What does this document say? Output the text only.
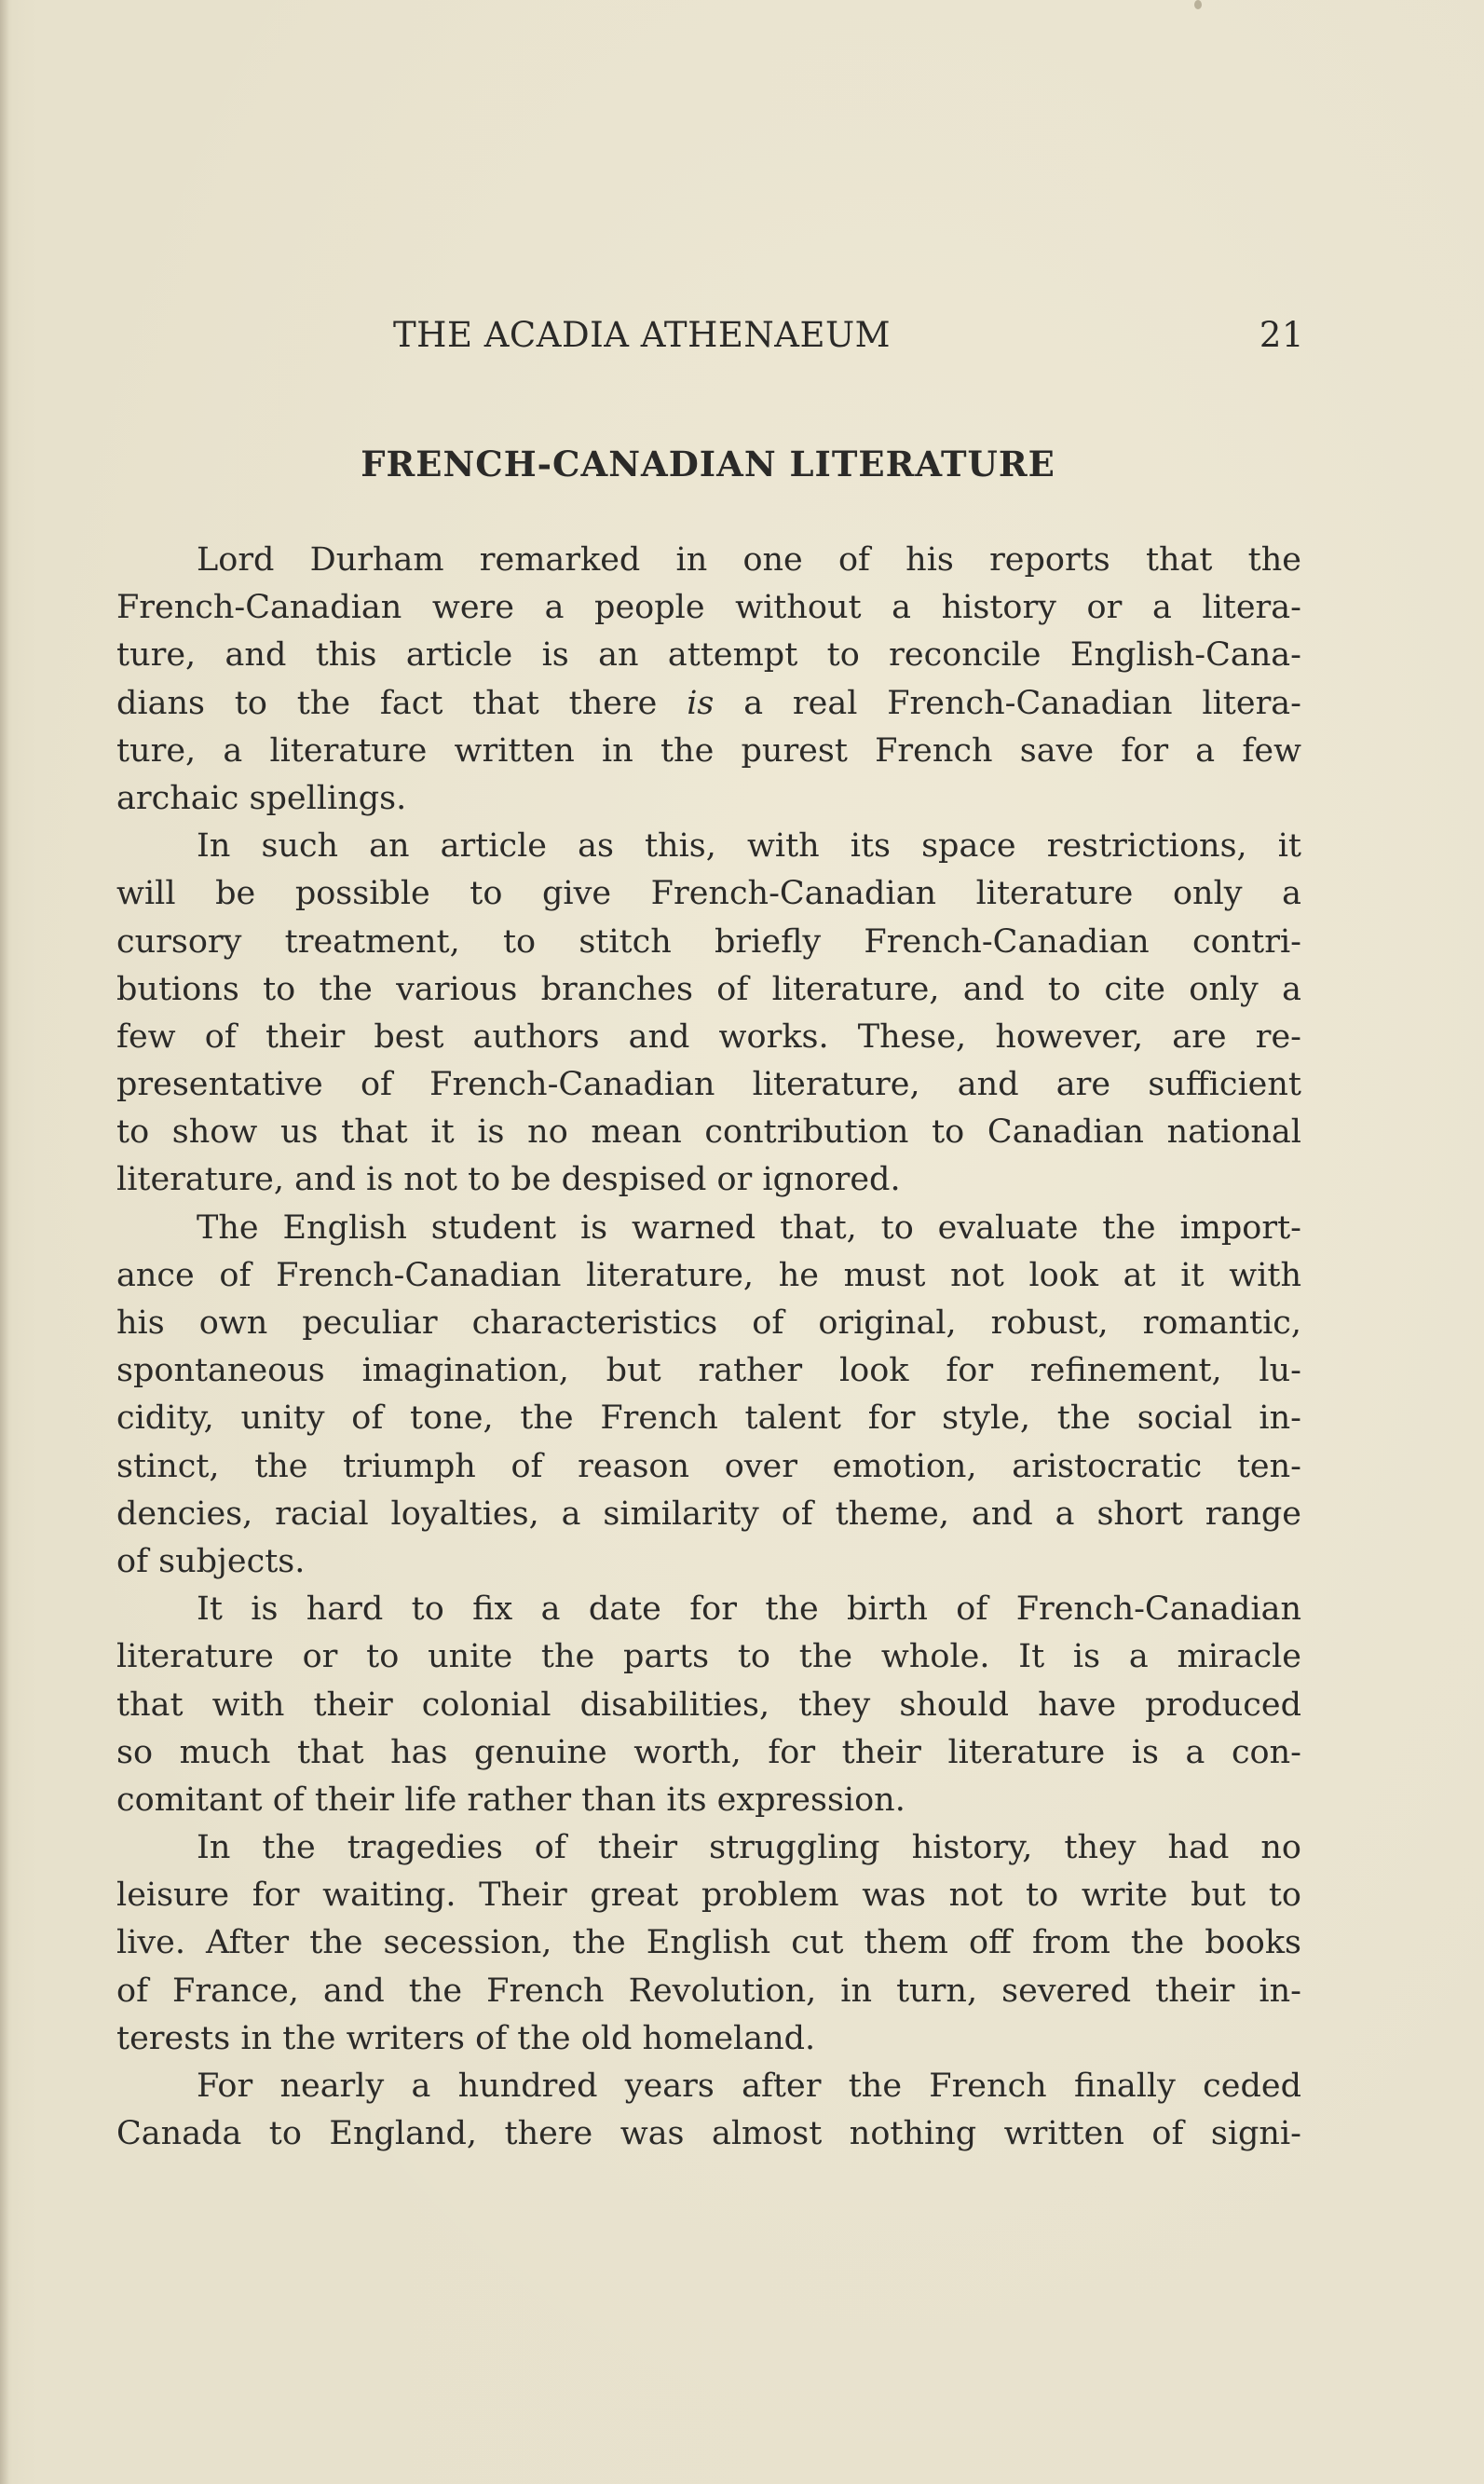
THE ACADIA ATHENAEUM	21
FRENCH-CANADIAN LITERATURE
Lord Durham remarked in one of his reports that the
French-Canadian were a people without a history or a litera-
ture, and this article is an attempt to reconcile English-Cana-
dians to the fact that there is a real French-Canadian litera-
ture, a literature written in the purest French save for a few
archaic spellings.
In such an article as this, with its space restrictions, it
will be possible to give French-Canadian literature only a
cursory treatment, to stitch briefly French-Canadian contri-
butions to the various branches of literature, and to cite only a
few of their best authors and works. These, however, are re-
presentative of French-Canadian literature, and are sufficient
to show us that it is no mean contribution to Canadian national
literature, and is not to be despised or ignored.
The English student is warned that, to evaluate the import-
ance of French-Canadian literature, he must not look at it with
his own peculiar characteristics of original, robust, romantic,
spontaneous imagination, but rather look for refinement, lu-
cidity, unity of tone, the French talent for style, the social in-
stinct, the triumph of reason over emotion, aristocratic ten-
dencies, racial loyalties, a similarity of theme, and a short range
of subjects.
It is hard to fix a date for the birth of French-Canadian
literature or to unite the parts to the whole. It is a miracle
that with their colonial disabilities, they should have produced
so much that has genuine worth, for their literature is a con-
comitant of their life rather than its expression.
In the tragedies of their struggling history, they had no
leisure for waiting. Their great problem was not to write but to
live. After the secession, the English cut them off from the books
of France, and the French Revolution, in turn, severed their in-
terests in the writers of the old homeland.
For nearly a hundred years after the French finally ceded
Canada to England, there was almost nothing written of signi-
